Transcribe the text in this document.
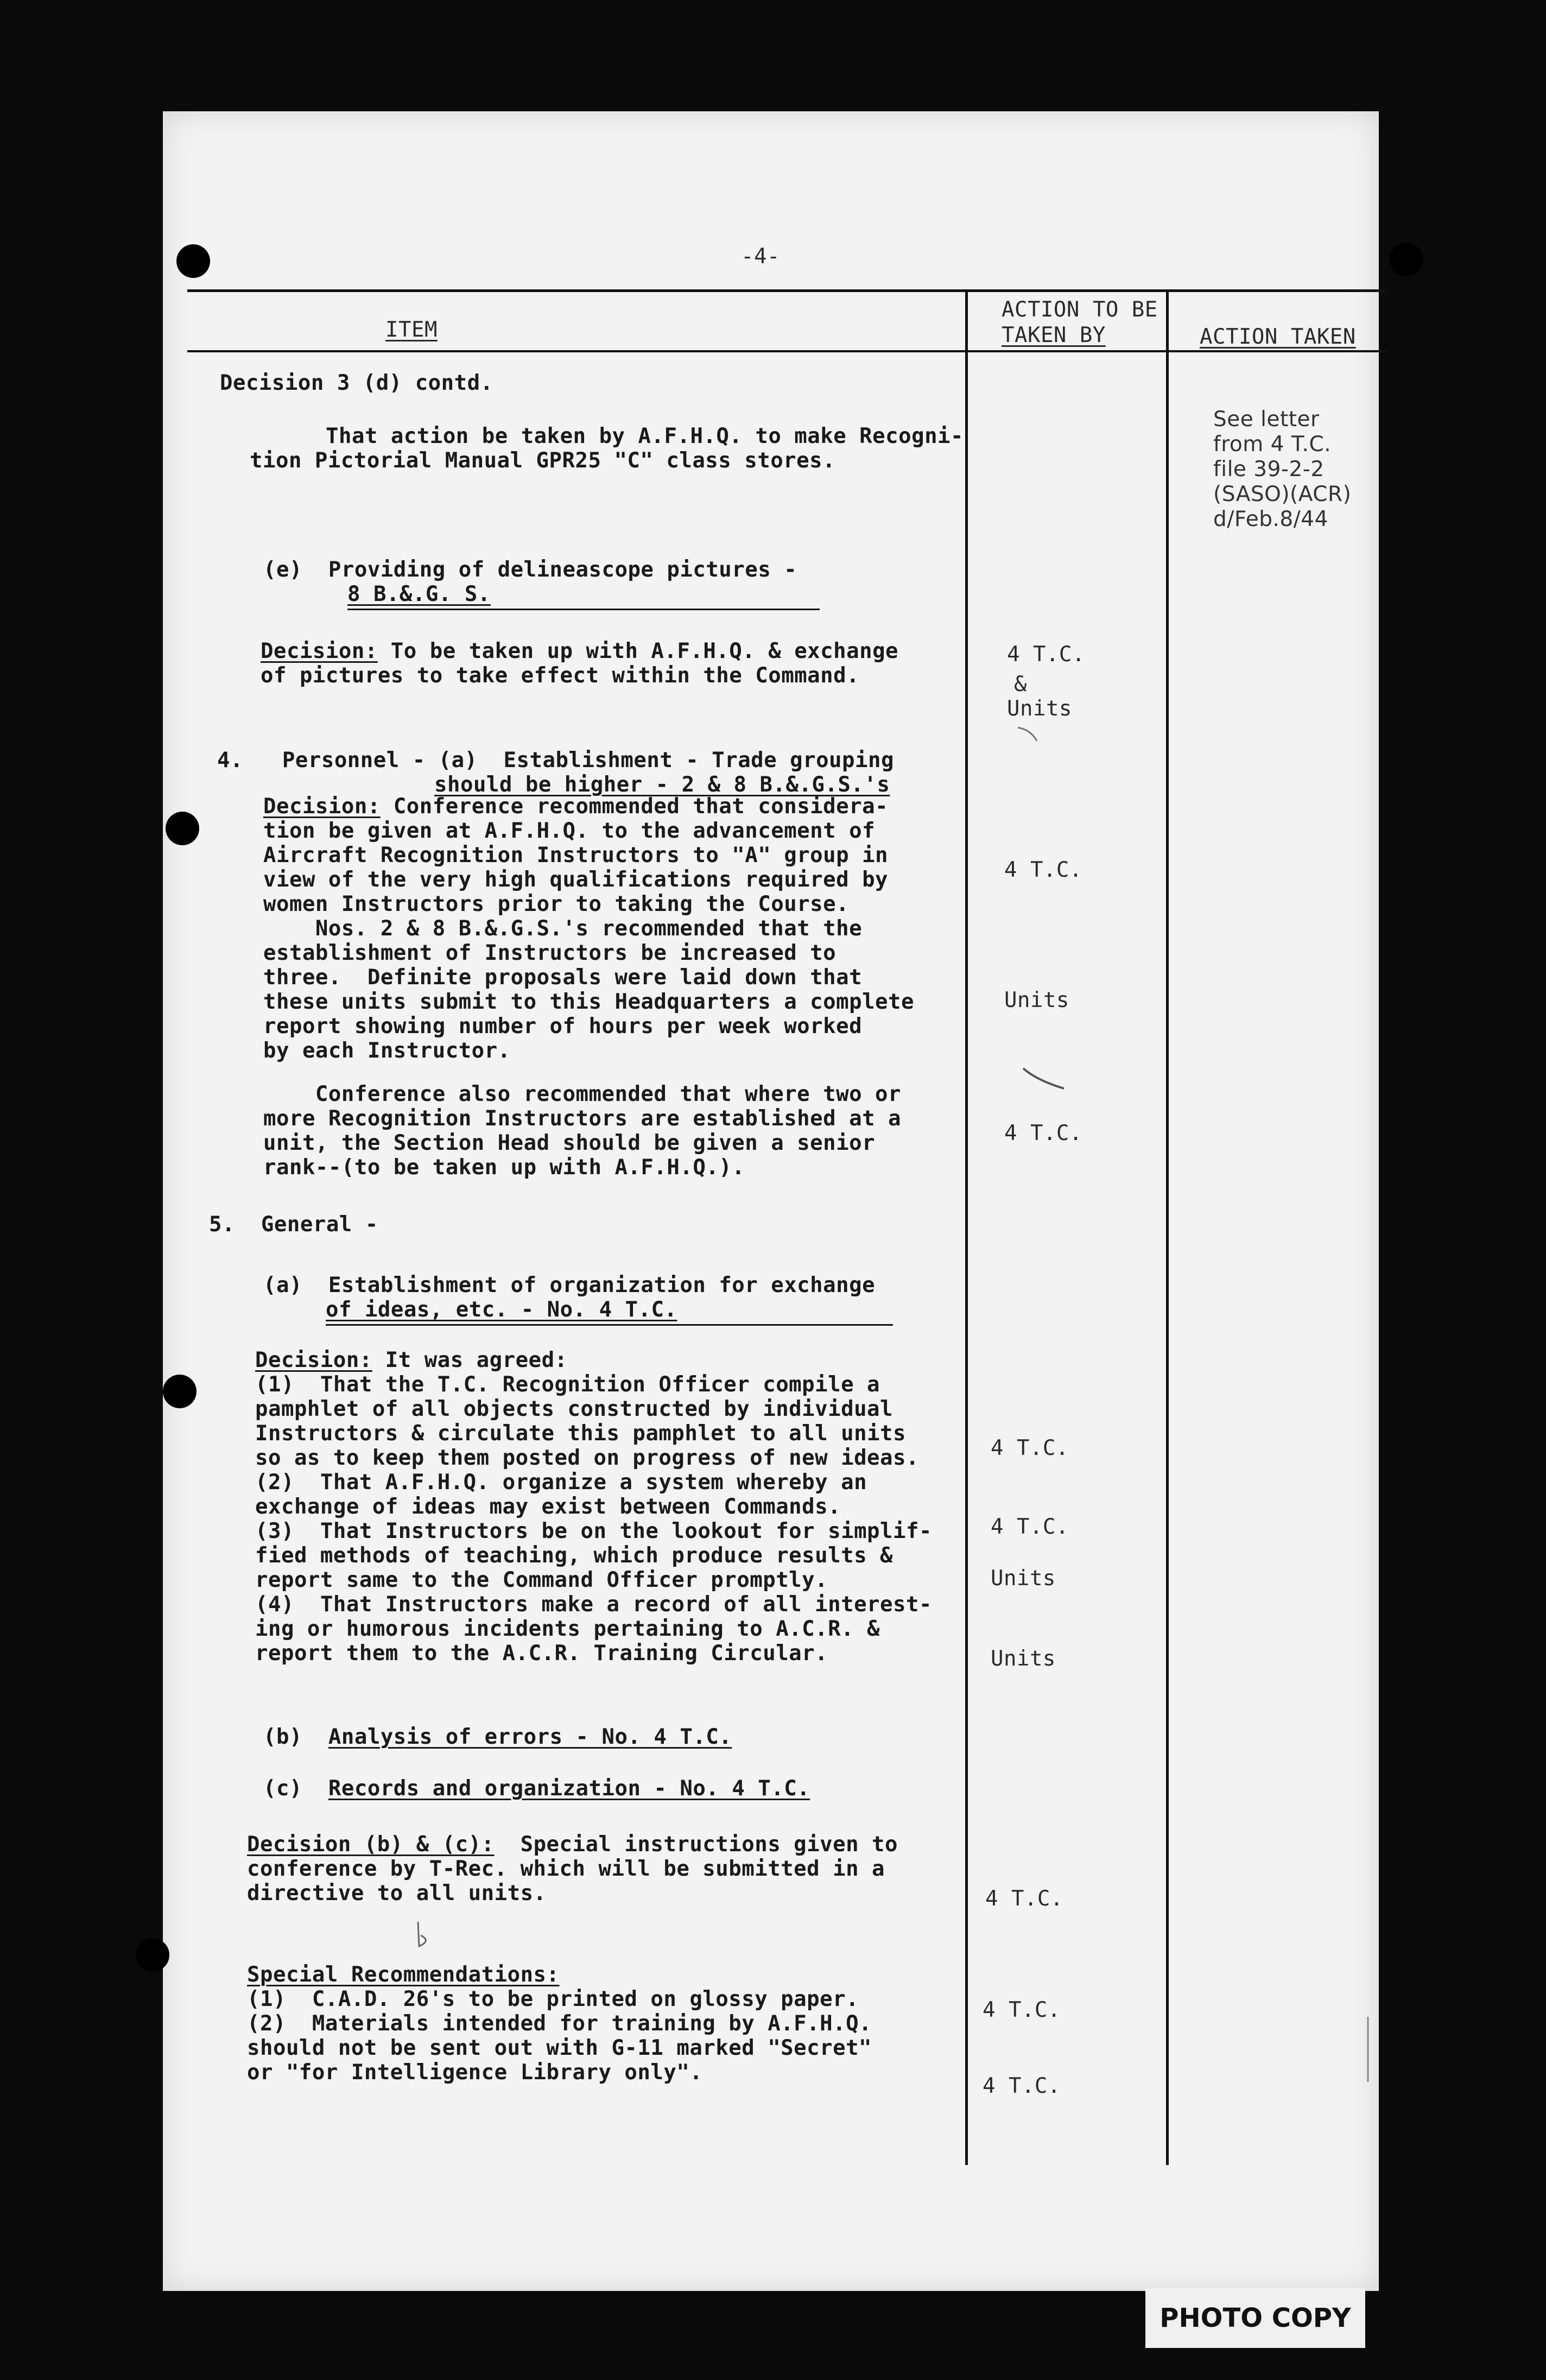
-4-
ITEM
ACTION TO BE
TAKEN BY	ACTION TAKEN
Decision 3 (d) contd.
That action be taken by A.F.H.Q. to make Recogni-
tion Pictorial Manual GPR25 "C" class stores.
See letter
from 4 T.C.
file 39-2-2
(SASO)(ACR)
d/Feb.8/44
(e)  Providing of delineascope pictures -
8 B.&.G. S.
Decision: To be taken up with A.F.H.Q. & exchange
of pictures to take effect within the Command.
4 T.C.
&
Units
4.   Personnel - (a)  Establishment - Trade grouping
should be higher - 2 & 8 B.&.G.S.'s
Decision: Conference recommended that considera-
tion be given at A.F.H.Q. to the advancement of
Aircraft Recognition Instructors to "A" group in
view of the very high qualifications required by
women Instructors prior to taking the Course.
Nos. 2 & 8 B.&.G.S.'s recommended that the
establishment of Instructors be increased to
three.  Definite proposals were laid down that
these units submit to this Headquarters a complete
report showing number of hours per week worked
by each Instructor.
Conference also recommended that where two or
more Recognition Instructors are established at a
unit, the Section Head should be given a senior
rank--(to be taken up with A.F.H.Q.).
4 T.C.
Units
4 T.C.
5.  General -
(a)  Establishment of organization for exchange
of ideas, etc. - No. 4 T.C.
Decision: It was agreed:
(1)  That the T.C. Recognition Officer compile a
pamphlet of all objects constructed by individual
Instructors & circulate this pamphlet to all units
so as to keep them posted on progress of new ideas.
(2)  That A.F.H.Q. organize a system whereby an
exchange of ideas may exist between Commands.
(3)  That Instructors be on the lookout for simplif-
fied methods of teaching, which produce results &
report same to the Command Officer promptly.
(4)  That Instructors make a record of all interest-
ing or humorous incidents pertaining to A.C.R. &
report them to the A.C.R. Training Circular.
4 T.C.
4 T.C.
Units
Units
(b)  Analysis of errors - No. 4 T.C.
(c)  Records and organization - No. 4 T.C.
Decision (b) & (c):  Special instructions given to
conference by T-Rec. which will be submitted in a
directive to all units.	4 T.C.
Special Recommendations:
(1)  C.A.D. 26's to be printed on glossy paper.
(2)  Materials intended for training by A.F.H.Q.
should not be sent out with G-11 marked "Secret"
or "for Intelligence Library only".
4 T.C.
4 T.C.
PHOTO COPY
